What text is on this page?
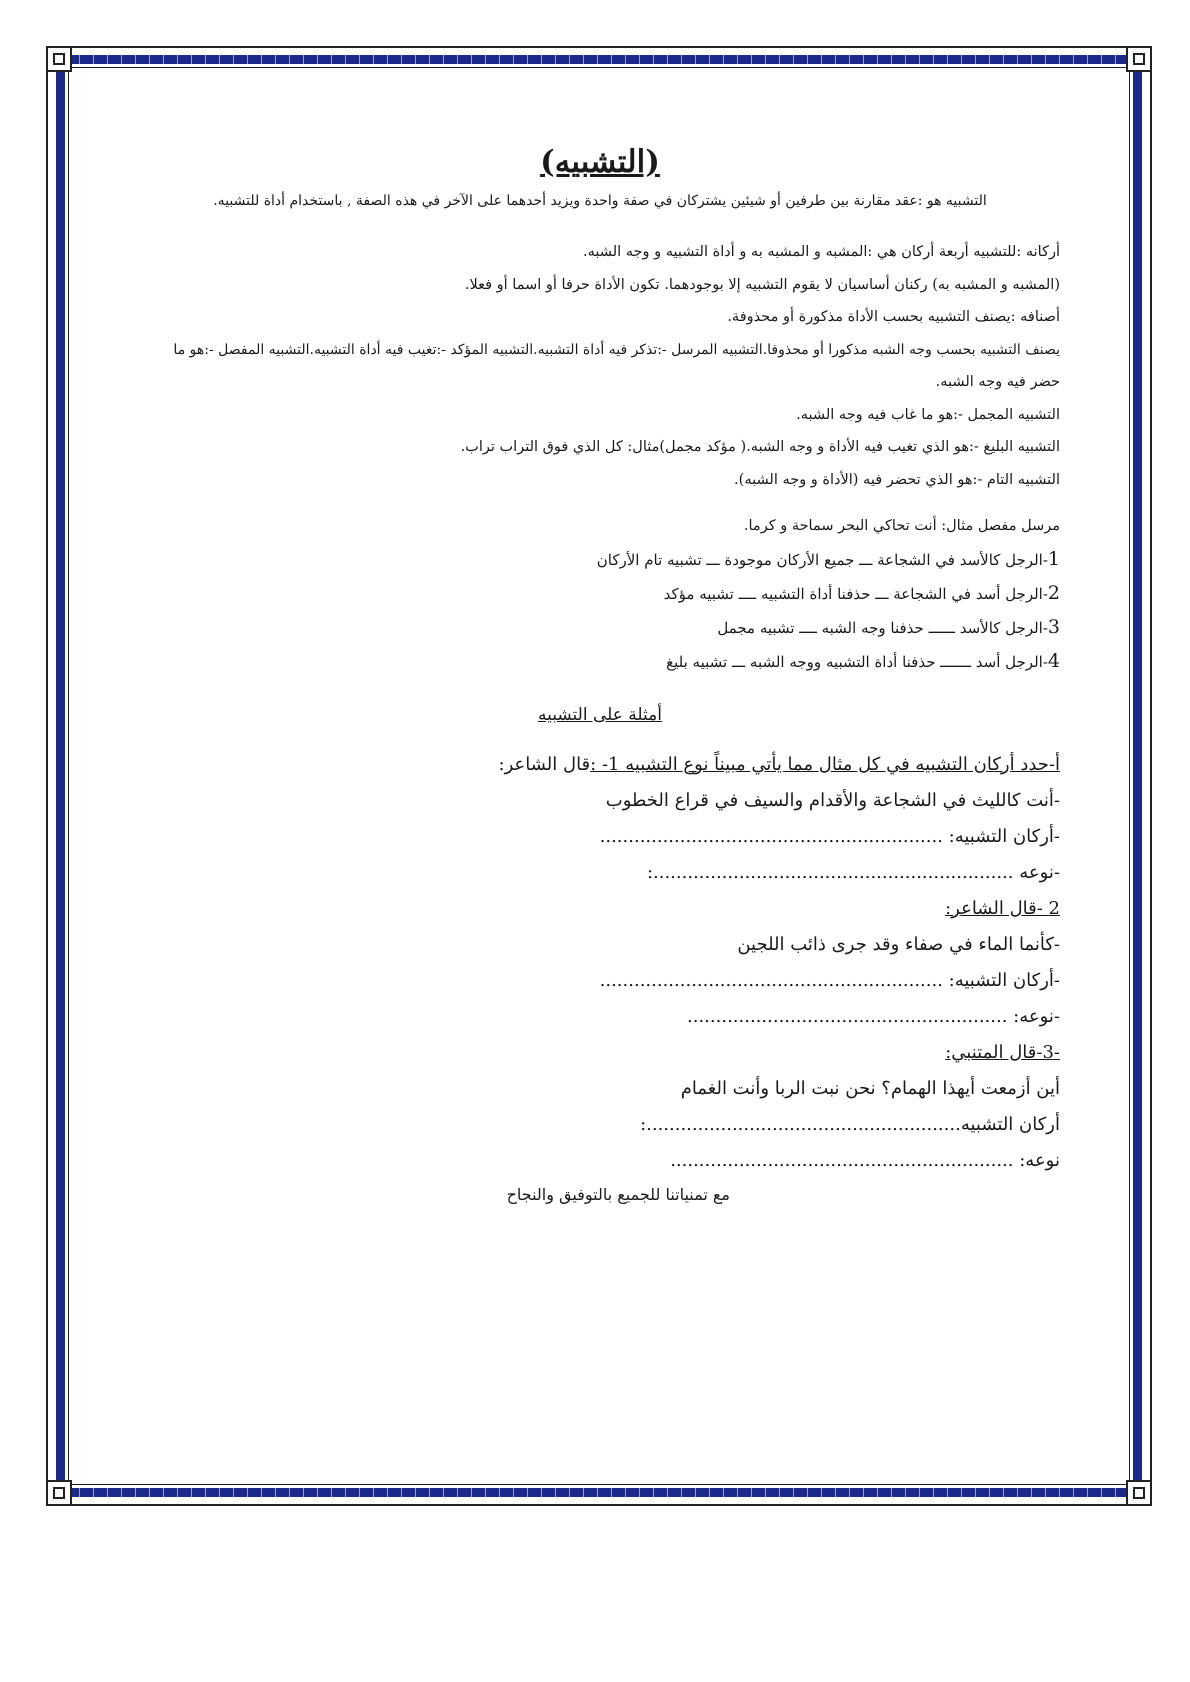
(التشبيه)
التشبيه هو :عقد مقارنة بين طرفين أو شيئين يشتركان في صفة واحدة ويزيد أحدهما على الآخر في هذه الصفة , باستخدام أداة للتشبيه.
أركانه :للتشبيه أربعة أركان هي :المشبه و المشبه به و أداة التشبيه و وجه الشبه.
(المشبه و المشبه به) ركنان أساسيان لا يقوم التشبيه إلا بوجودهما. تكون الأداة حرفا أو اسما أو فعلا.
أصنافه :يصنف التشبيه بحسب الأداة مذكورة أو محذوفة.
يصنف التشبيه بحسب وجه الشبه مذكورا أو محذوفا.التشبيه المرسل -:تذكر فيه أداة التشبيه.التشبيه المؤكد -:تغيب فيه أداة التشبيه.التشبيه المفصل -:هو ما
حضر فيه وجه الشبه.
التشبيه المجمل -:هو ما غاب فيه وجه الشبه.
التشبيه البليغ -:هو الذي تغيب فيه الأداة و وجه الشبه.( مؤكد مجمل)مثال: كل الذي فوق التراب تراب.
التشبيه التام -:هو الذي تحضر فيه (الأداة و وجه الشبه).
مرسل مفصل مثال: أنت تحاكي البحر سماحة و كرما.
1-الرجل كالأسد في الشجاعة ـــ جميع الأركان موجودة ـــ تشبيه تام الأركان
2-الرجل أسد في الشجاعة ـــ حذفنا أداة التشبيه ــــ تشبيه مؤكد
3-الرجل كالأسد ــــــ حذفنا وجه الشبه ــــ تشبيه مجمل
4-الرجل أسد ـــــــ حذفنا أداة التشبيه ووجه الشبه ـــ تشبيه بليغ
أمثلة على التشبيه
أ-حدد أركان التشبيه في كل مثال مما يأتي مبيناً نوع التشبيه 1- :قال الشاعر:
-أنت كالليث في الشجاعة والأقدام والسيف في قراع الخطوب
-أركان التشبيه: ............................................................
-نوعه ...............................................................:
2 -قال الشاعر:
-كأنما الماء في صفاء وقد جرى ذائب اللجين
-أركان التشبيه: ............................................................
-نوعه: ........................................................
-3-قال المتنبي:
أين أزمعت أيهذا الهمام؟ نحن نبت الربا وأنت الغمام
أركان التشبيه.......................................................:
نوعه: ............................................................
مع تمنياتنا للجميع بالتوفيق والنجاح
